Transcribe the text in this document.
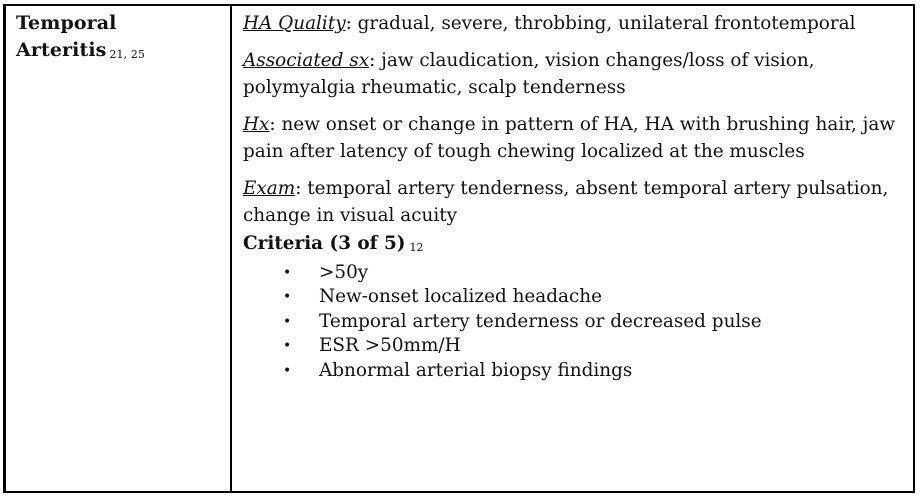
Temporal
Arteritis 21, 25

HA Quality: gradual, severe, throbbing, unilateral frontotemporal

Associated sx: jaw claudication, vision changes/loss of vision, polymyalgia rheumatic, scalp tenderness

Hx: new onset or change in pattern of HA, HA with brushing hair, jaw pain after latency of tough chewing localized at the muscles

Exam: temporal artery tenderness, absent temporal artery pulsation, change in visual acuity

Criteria (3 of 5) 12
•	>50y
•	New-onset localized headache
•	Temporal artery tenderness or decreased pulse
•	ESR >50mm/H
•	Abnormal arterial biopsy findings
